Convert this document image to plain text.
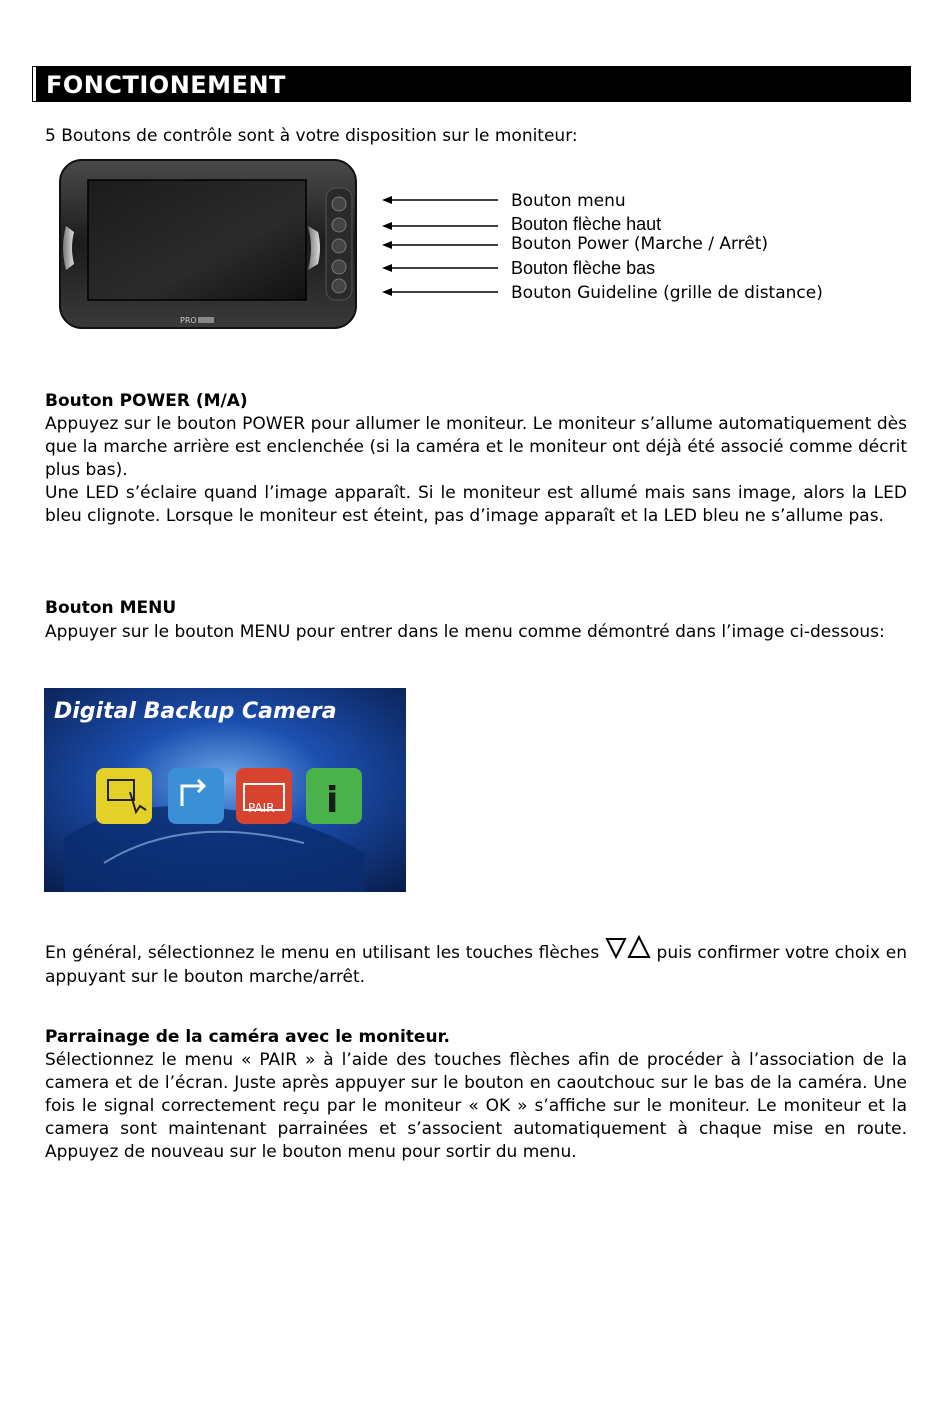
FONCTIONEMENT
5 Boutons de contrôle sont à votre disposition sur le moniteur:
PRO
Bouton menu
Bouton flèche haut
Bouton Power (Marche / Arrêt)
Bouton flèche bas
Bouton Guideline (grille de distance)
Bouton POWER (M/A)

Appuyez sur le bouton POWER pour allumer le moniteur. Le moniteur s’allume automatiquement dès que la marche arrière est enclenchée (si la caméra et le moniteur ont déjà été associé comme décrit plus bas).

Une LED s’éclaire quand l’image apparaît. Si le moniteur est allumé mais sans image, alors la LED bleu clignote. Lorsque le moniteur est éteint, pas d’image apparaît et la LED bleu ne s’allume pas.

Bouton MENU

Appuyer sur le bouton MENU pour entrer dans le menu comme démontré dans l’image ci-dessous:

Digital Backup Camera
PAIR i

En général, sélectionnez le menu en utilisant les touches flèches	puis confirmer votre choix en appuyant sur le bouton marche/arrêt.

Parrainage de la caméra avec le moniteur.

Sélectionnez le menu « PAIR » à l’aide des touches flèches afin de procéder à l’association de la camera et de l’écran. Juste après appuyer sur le bouton en caoutchouc sur le bas de la caméra. Une fois le signal correctement reçu par le moniteur « OK » s’affiche sur le moniteur. Le moniteur et la camera sont maintenant parrainées et s’associent automatiquement à chaque mise en route. Appuyez de nouveau sur le bouton menu pour sortir du menu.
